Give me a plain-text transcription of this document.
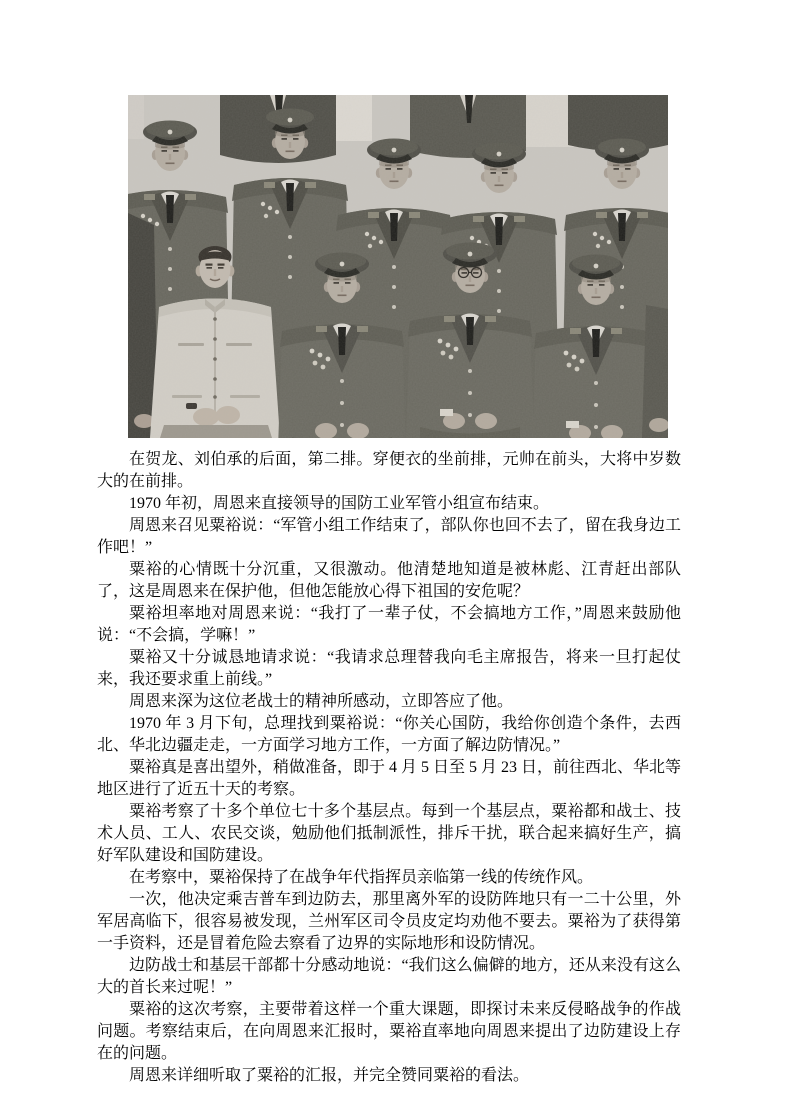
在贺龙、刘伯承的后面，第二排。穿便衣的坐前排，元帅在前头，大将中岁数大的在前排。

1970 年初，周恩来直接领导的国防工业军管小组宣布结束。

周恩来召见粟裕说：“军管小组工作结束了，部队你也回不去了，留在我身边工作吧！”

粟裕的心情既十分沉重，又很激动。他清楚地知道是被林彪、江青赶出部队了，这是周恩来在保护他，但他怎能放心得下祖国的安危呢？

粟裕坦率地对周恩来说：“我打了一辈子仗，不会搞地方工作，”周恩来鼓励他说：“不会搞，学嘛！”

粟裕又十分诚恳地请求说：“我请求总理替我向毛主席报告，将来一旦打起仗来，我还要求重上前线。”

周恩来深为这位老战士的精神所感动，立即答应了他。

1970 年 3 月下旬，总理找到粟裕说：“你关心国防，我给你创造个条件，去西北、华北边疆走走，一方面学习地方工作，一方面了解边防情况。”

粟裕真是喜出望外，稍做准备，即于 4 月 5 日至 5 月 23 日，前往西北、华北等地区进行了近五十天的考察。

粟裕考察了十多个单位七十多个基层点。每到一个基层点，粟裕都和战士、技术人员、工人、农民交谈，勉励他们抵制派性，排斥干扰，联合起来搞好生产，搞好军队建设和国防建设。

在考察中，粟裕保持了在战争年代指挥员亲临第一线的传统作风。

一次，他决定乘吉普车到边防去，那里离外军的设防阵地只有一二十公里，外军居高临下，很容易被发现，兰州军区司令员皮定均劝他不要去。粟裕为了获得第一手资料，还是冒着危险去察看了边界的实际地形和设防情况。

边防战士和基层干部都十分感动地说：“我们这么偏僻的地方，还从来没有这么大的首长来过呢！”

粟裕的这次考察，主要带着这样一个重大课题，即探讨未来反侵略战争的作战问题。考察结束后，在向周恩来汇报时，粟裕直率地向周恩来提出了边防建设上存在的问题。

周恩来详细听取了粟裕的汇报，并完全赞同粟裕的看法。
